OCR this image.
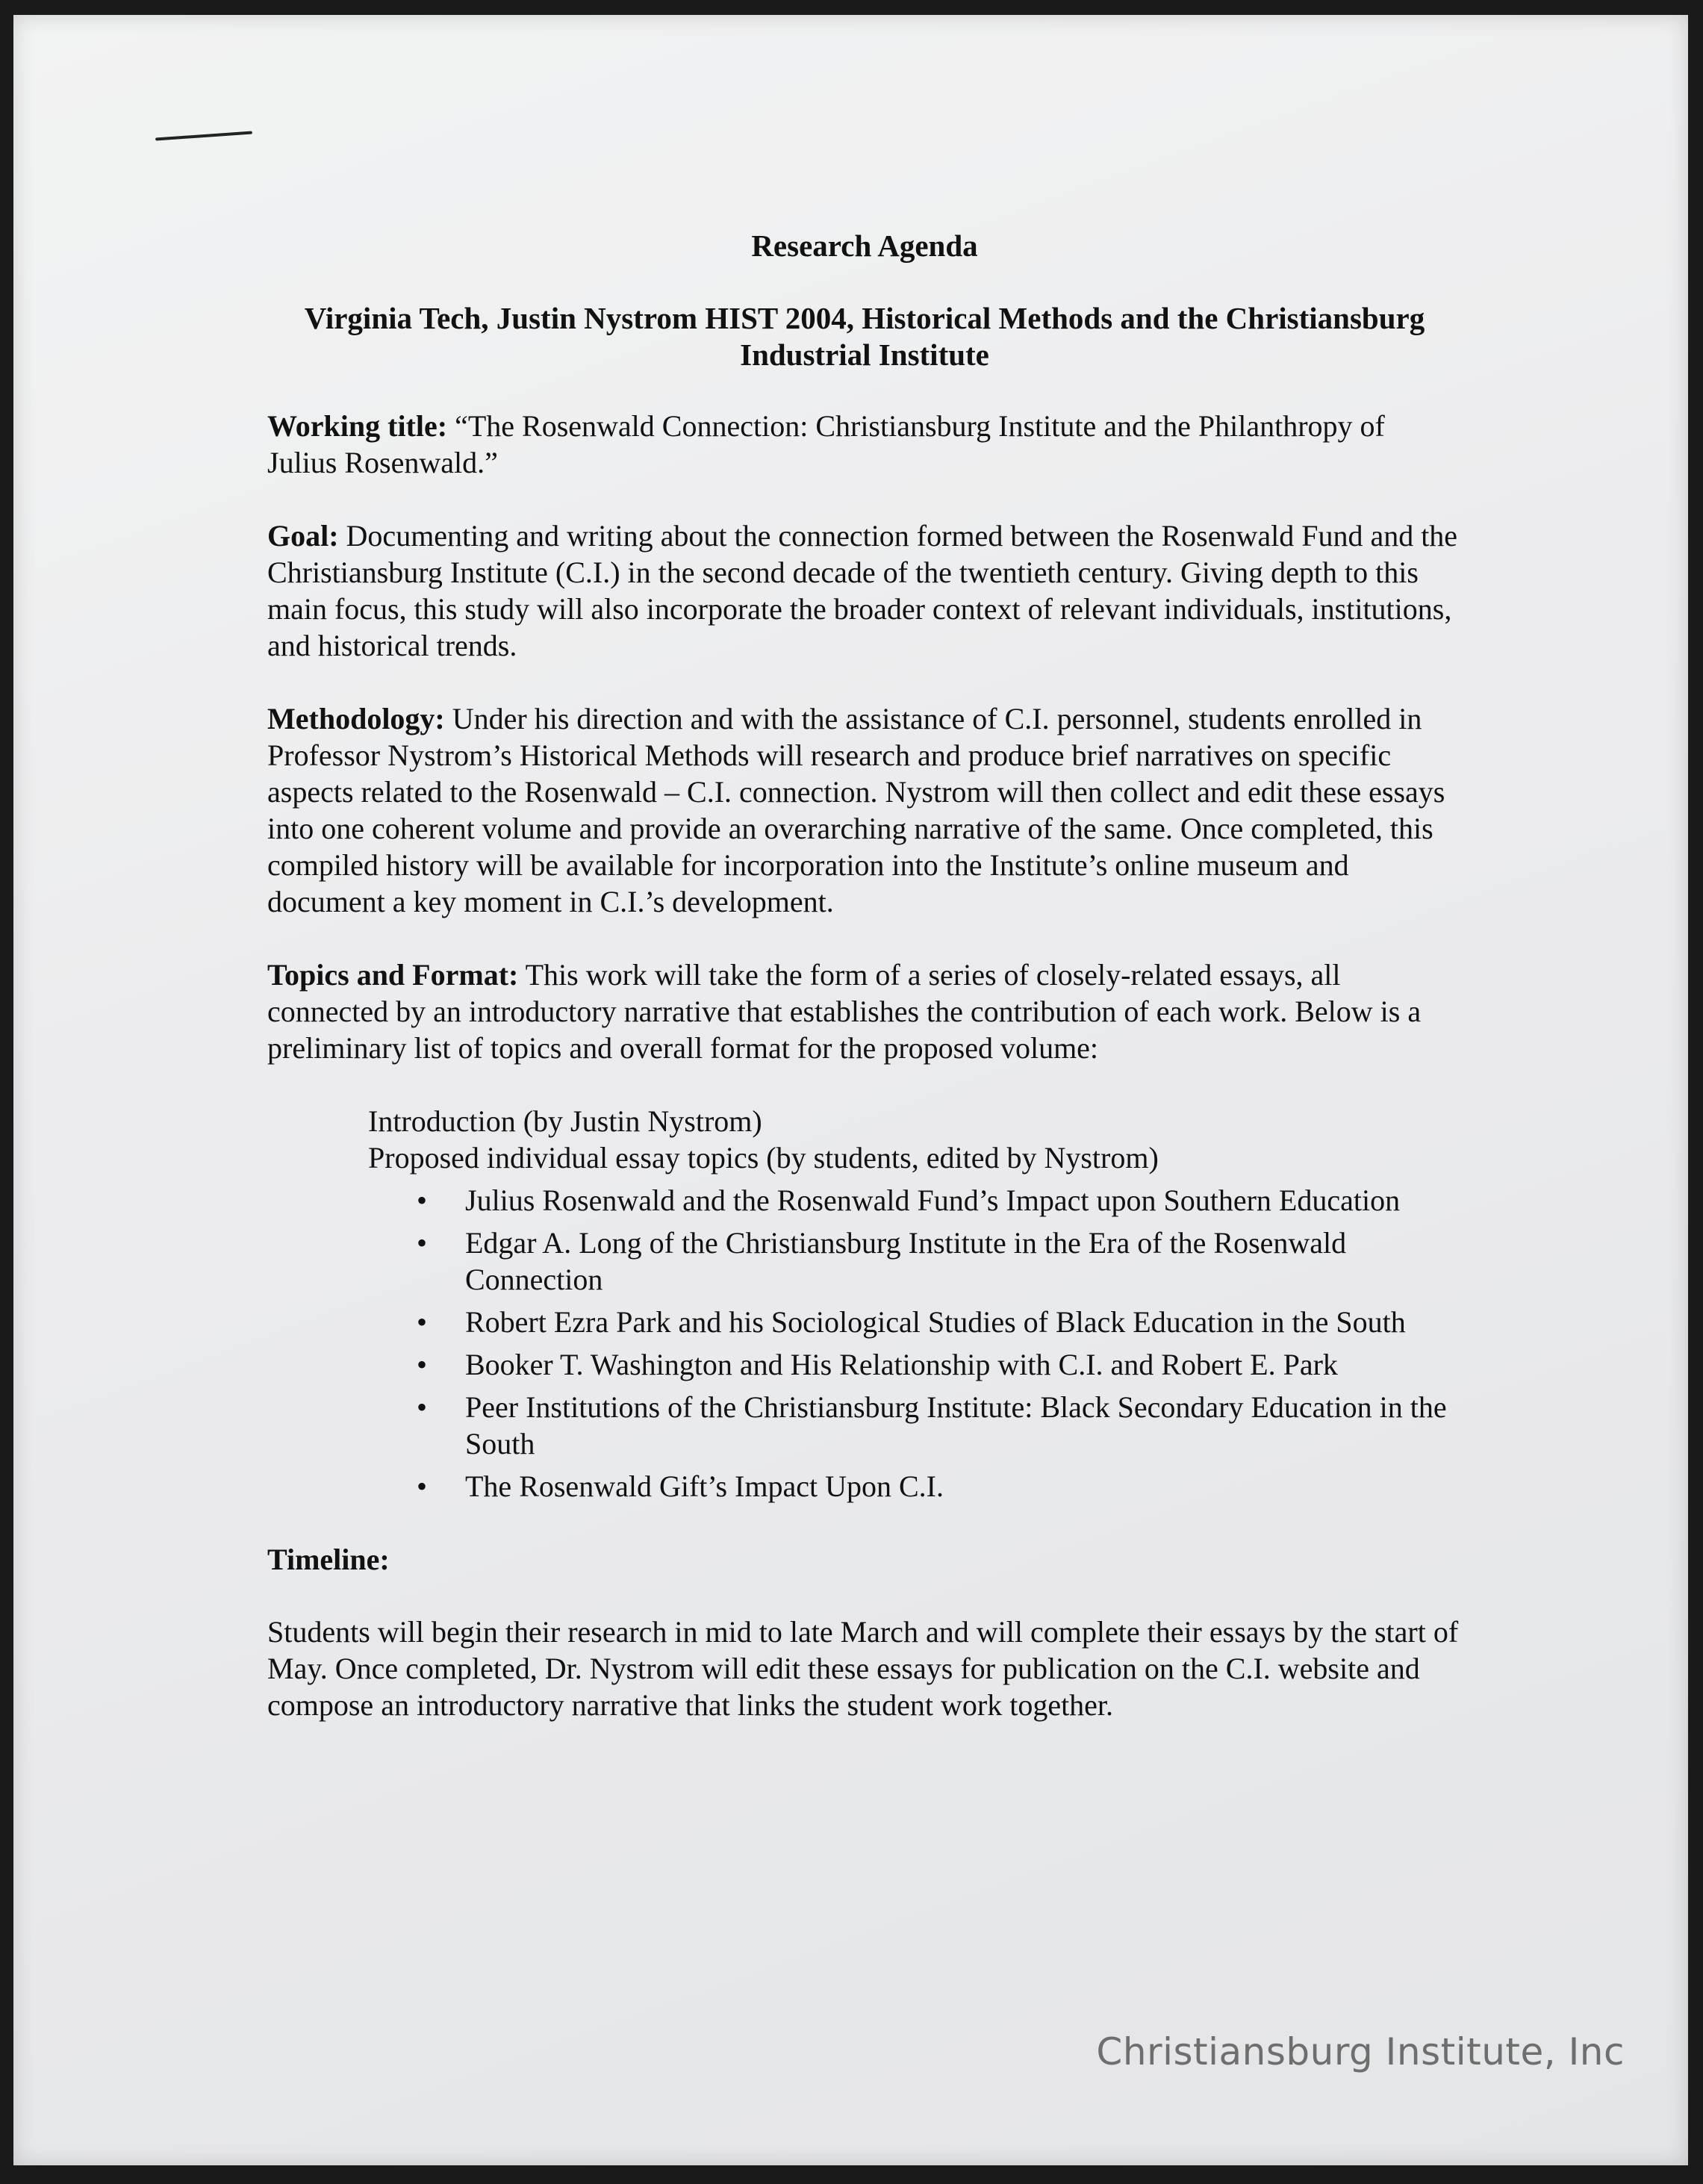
Research Agenda
Virginia Tech, Justin Nystrom HIST 2004, Historical Methods and the Christiansburg Industrial Institute

Working title: “The Rosenwald Connection: Christiansburg Institute and the Philanthropy of Julius Rosenwald.”

Goal: Documenting and writing about the connection formed between the Rosenwald Fund and the Christiansburg Institute (C.I.) in the second decade of the twentieth century. Giving depth to this main focus, this study will also incorporate the broader context of relevant individuals, institutions, and historical trends.

Methodology: Under his direction and with the assistance of C.I. personnel, students enrolled in Professor Nystrom’s Historical Methods will research and produce brief narratives on specific aspects related to the Rosenwald – C.I. connection. Nystrom will then collect and edit these essays into one coherent volume and provide an overarching narrative of the same. Once completed, this compiled history will be available for incorporation into the Institute’s online museum and document a key moment in C.I.’s development.

Topics and Format: This work will take the form of a series of closely-related essays, all connected by an introductory narrative that establishes the contribution of each work. Below is a preliminary list of topics and overall format for the proposed volume:

Introduction (by Justin Nystrom)
Proposed individual essay topics (by students, edited by Nystrom)
• Julius Rosenwald and the Rosenwald Fund’s Impact upon Southern Education
• Edgar A. Long of the Christiansburg Institute in the Era of the Rosenwald Connection
• Robert Ezra Park and his Sociological Studies of Black Education in the South
• Booker T. Washington and His Relationship with C.I. and Robert E. Park
• Peer Institutions of the Christiansburg Institute: Black Secondary Education in the South
• The Rosenwald Gift’s Impact Upon C.I.
Timeline:

Students will begin their research in mid to late March and will complete their essays by the start of May. Once completed, Dr. Nystrom will edit these essays for publication on the C.I. website and compose an introductory narrative that links the student work together.

Christiansburg Institute, Inc
